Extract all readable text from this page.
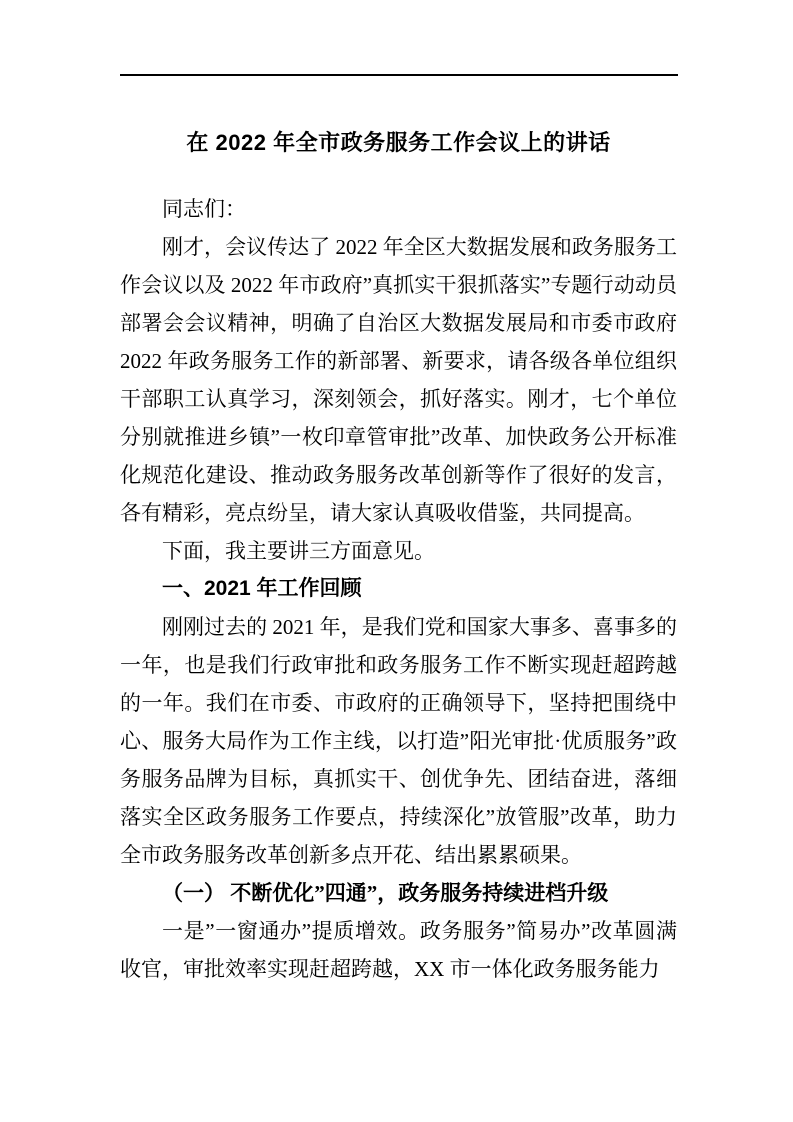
在 2022 年全市政务服务工作会议上的讲话

同志们：

刚才，会议传达了 2022 年全区大数据发展和政务服务工作会议以及 2022 年市政府”真抓实干狠抓落实”专题行动动员部署会会议精神，明确了自治区大数据发展局和市委市政府 2022 年政务服务工作的新部署、新要求，请各级各单位组织干部职工认真学习，深刻领会，抓好落实。刚才，七个单位分别就推进乡镇”一枚印章管审批”改革、加快政务公开标准化规范化建设、推动政务服务改革创新等作了很好的发言，各有精彩，亮点纷呈，请大家认真吸收借鉴，共同提高。

下面，我主要讲三方面意见。

一、2021 年工作回顾

刚刚过去的 2021 年，是我们党和国家大事多、喜事多的一年，也是我们行政审批和政务服务工作不断实现赶超跨越的一年。我们在市委、市政府的正确领导下，坚持把围绕中心、服务大局作为工作主线，以打造”阳光审批·优质服务”政务服务品牌为目标，真抓实干、创优争先、团结奋进，落细落实全区政务服务工作要点，持续深化”放管服”改革，助力全市政务服务改革创新多点开花、结出累累硕果。

（一） 不断优化”四通”，政务服务持续进档升级

一是”一窗通办”提质增效。政务服务”简易办”改革圆满收官，审批效率实现赶超跨越，XX 市一体化政务服务能力
